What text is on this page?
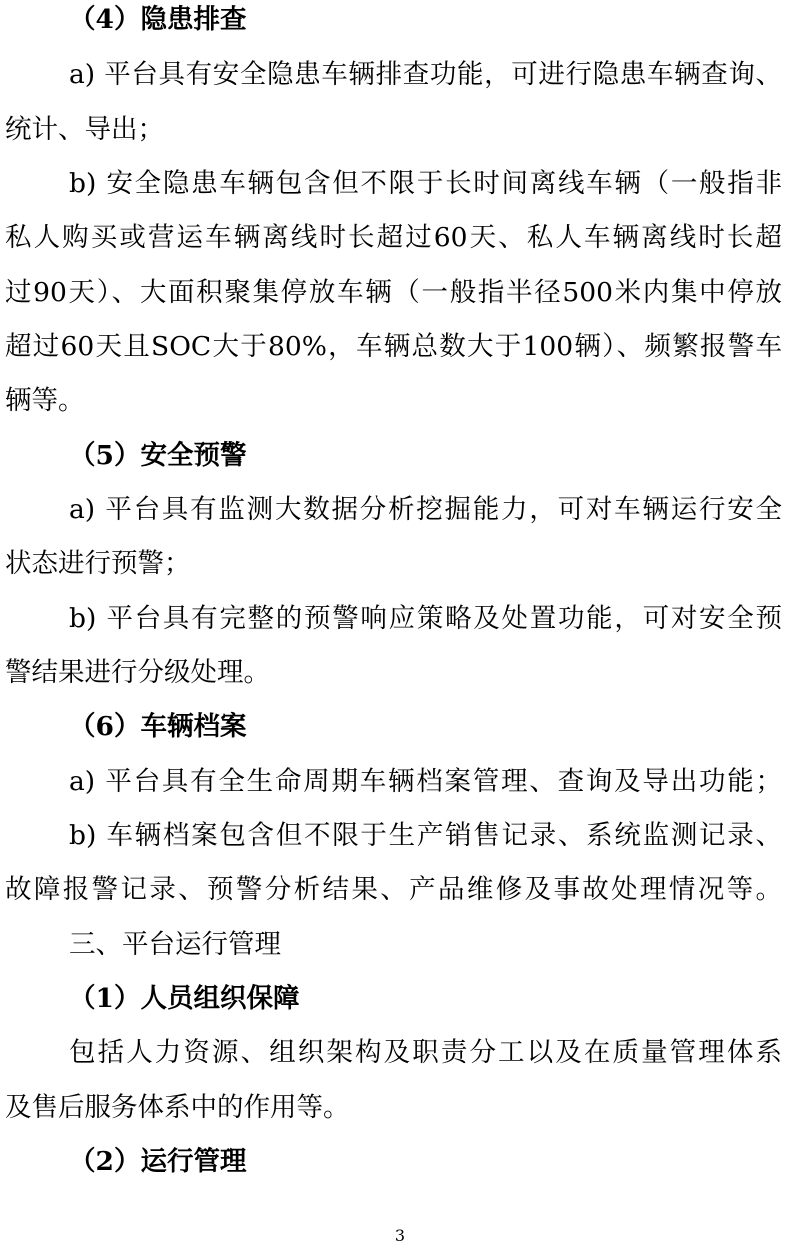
（4）隐患排查
a) 平台具有安全隐患车辆排查功能，可进行隐患车辆查询、
统计、导出；
b) 安全隐患车辆包含但不限于长时间离线车辆（一般指非
私人购买或营运车辆离线时长超过60天、私人车辆离线时长超
过90天）、大面积聚集停放车辆（一般指半径500米内集中停放
超过60天且SOC大于80%，车辆总数大于100辆）、频繁报警车
辆等。
（5）安全预警
a) 平台具有监测大数据分析挖掘能力，可对车辆运行安全
状态进行预警；
b) 平台具有完整的预警响应策略及处置功能，可对安全预
警结果进行分级处理。
（6）车辆档案
a) 平台具有全生命周期车辆档案管理、查询及导出功能；
b) 车辆档案包含但不限于生产销售记录、系统监测记录、
故障报警记录、预警分析结果、产品维修及事故处理情况等。
三、平台运行管理
（1）人员组织保障
包括人力资源、组织架构及职责分工以及在质量管理体系
及售后服务体系中的作用等。
（2）运行管理
3
